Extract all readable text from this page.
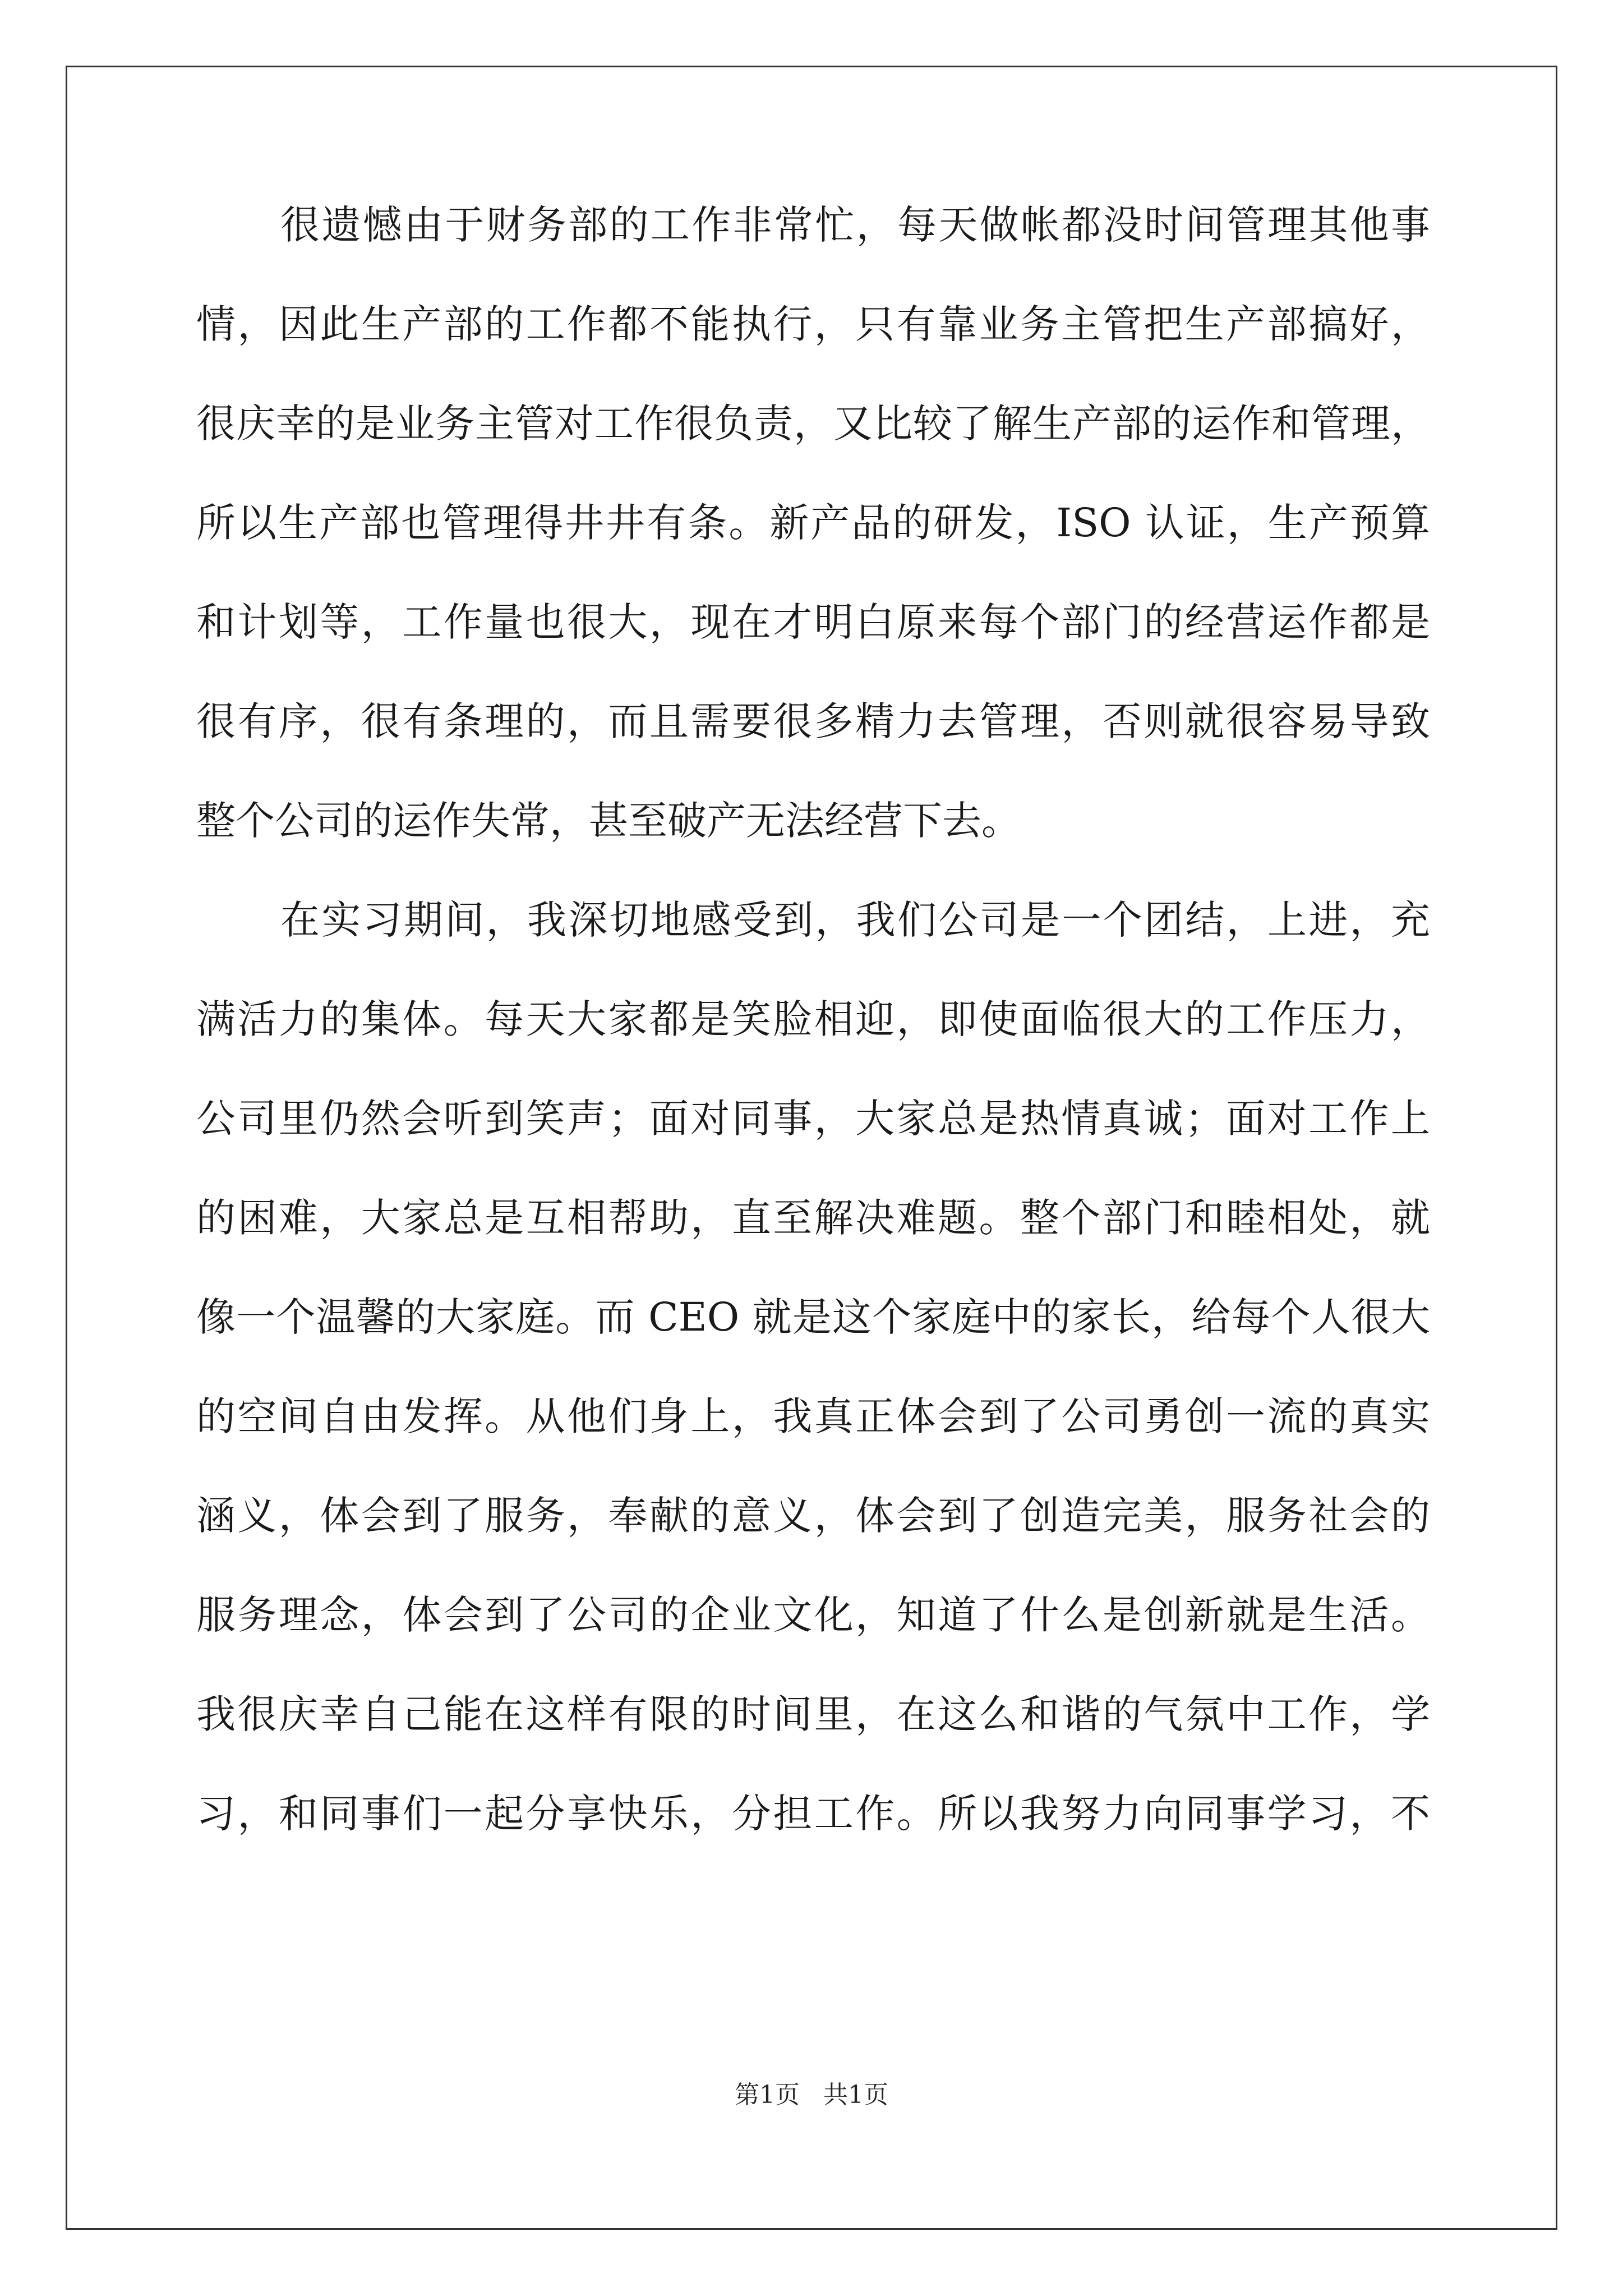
很遗憾由于财务部的工作非常忙，每天做帐都没时间管理其他事
情，因此生产部的工作都不能执行，只有靠业务主管把生产部搞好，
很庆幸的是业务主管对工作很负责，又比较了解生产部的运作和管理，
所以生产部也管理得井井有条。新产品的研发，ISO 认证，生产预算
和计划等，工作量也很大，现在才明白原来每个部门的经营运作都是
很有序，很有条理的，而且需要很多精力去管理，否则就很容易导致
整个公司的运作失常，甚至破产无法经营下去。
在实习期间，我深切地感受到，我们公司是一个团结，上进，充
满活力的集体。每天大家都是笑脸相迎，即使面临很大的工作压力，
公司里仍然会听到笑声；面对同事，大家总是热情真诚；面对工作上
的困难，大家总是互相帮助，直至解决难题。整个部门和睦相处，就
像一个温馨的大家庭。而 CEO 就是这个家庭中的家长，给每个人很大
的空间自由发挥。从他们身上，我真正体会到了公司勇创一流的真实
涵义，体会到了服务，奉献的意义，体会到了创造完美，服务社会的
服务理念，体会到了公司的企业文化，知道了什么是创新就是生活。
我很庆幸自己能在这样有限的时间里，在这么和谐的气氛中工作，学
习，和同事们一起分享快乐，分担工作。所以我努力向同事学习，不
第1页 共1页
